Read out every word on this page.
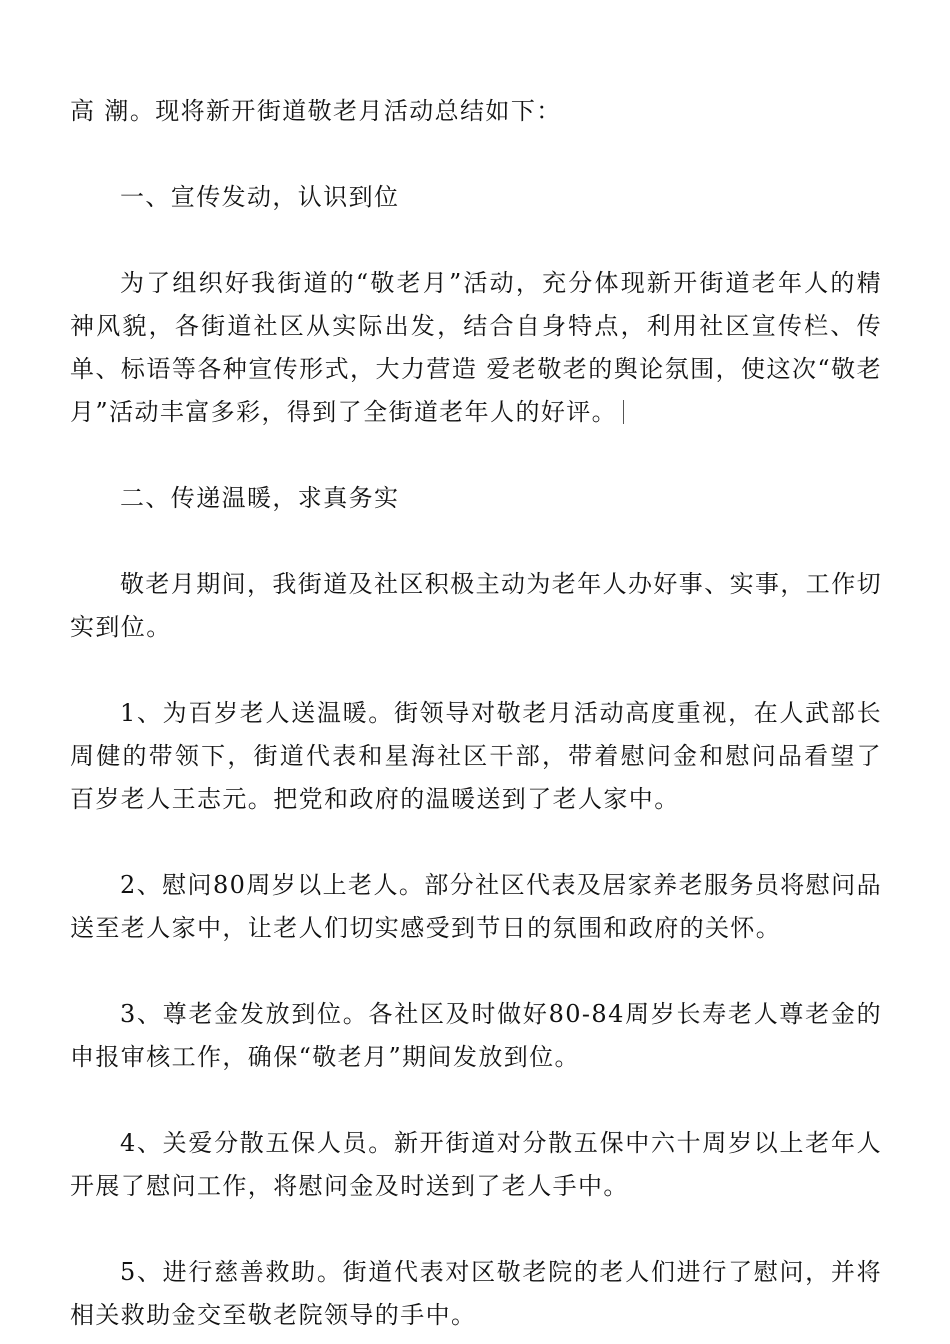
高 潮。现将新开街道敬老月活动总结如下：

一、宣传发动，认识到位

为了组织好我街道的“敬老月”活动，充分体现新开街道老年人的精神风貌，各街道社区从实际出发，结合自身特点，利用社区宣传栏、传单、标语等各种宣传形式，大力营造 爱老敬老的舆论氛围，使这次“敬老月”活动丰富多彩，得到了全街道老年人的好评。

二、传递温暖，求真务实

敬老月期间，我街道及社区积极主动为老年人办好事、实事，工作切实到位。

1、为百岁老人送温暖。街领导对敬老月活动高度重视，在人武部长周健的带领下，街道代表和星海社区干部，带着慰问金和慰问品看望了百岁老人王志元。把党和政府的温暖送到了老人家中。

2、慰问80周岁以上老人。部分社区代表及居家养老服务员将慰问品送至老人家中，让老人们切实感受到节日的氛围和政府的关怀。

3、尊老金发放到位。各社区及时做好80-84周岁长寿老人尊老金的申报审核工作，确保“敬老月”期间发放到位。

4、关爱分散五保人员。新开街道对分散五保中六十周岁以上老年人开展了慰问工作，将慰问金及时送到了老人手中。

5、进行慈善救助。街道代表对区敬老院的老人们进行了慰问，并将相关救助金交至敬老院领导的手中。
